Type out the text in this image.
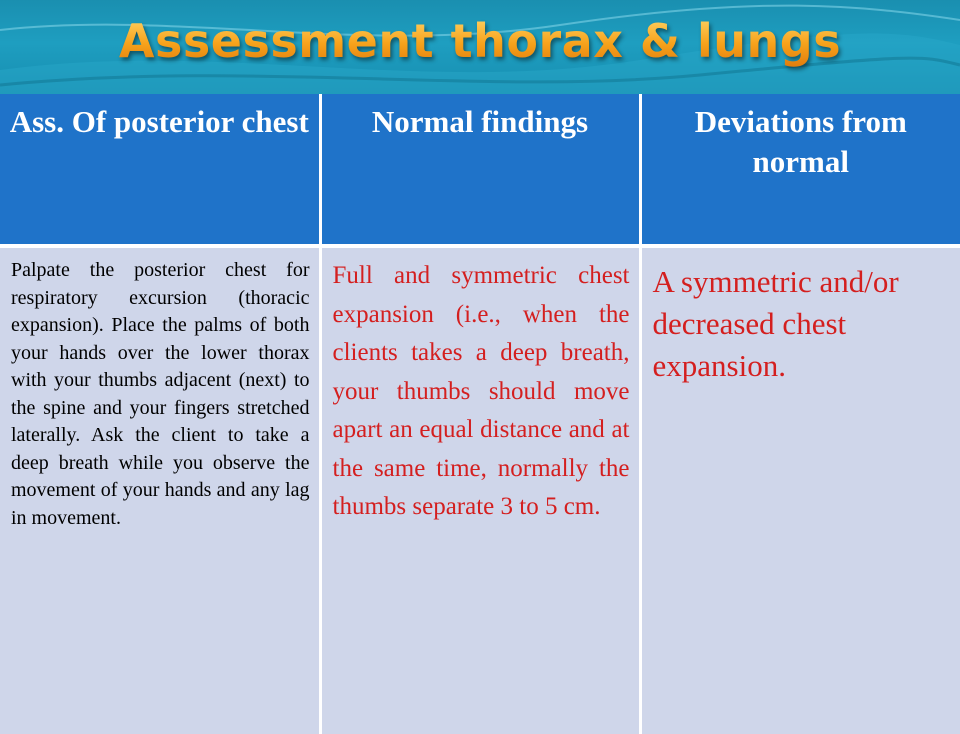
Assessment thorax & lungs
Ass. Of posterior chest	Normal findings	Deviations from normal

Palpate the posterior chest for respiratory excursion (thoracic expansion). Place the palms of both your hands over the lower thorax with your thumbs adjacent (next) to the spine and your fingers stretched laterally. Ask the client to take a deep breath while you observe the movement of your hands and any lag in movement.	Full and symmetric chest expansion (i.e., when the clients takes a deep breath, your thumbs should move apart an equal distance and at the same time, normally the thumbs separate 3 to 5 cm.	A symmetric and/or decreased chest expansion.
